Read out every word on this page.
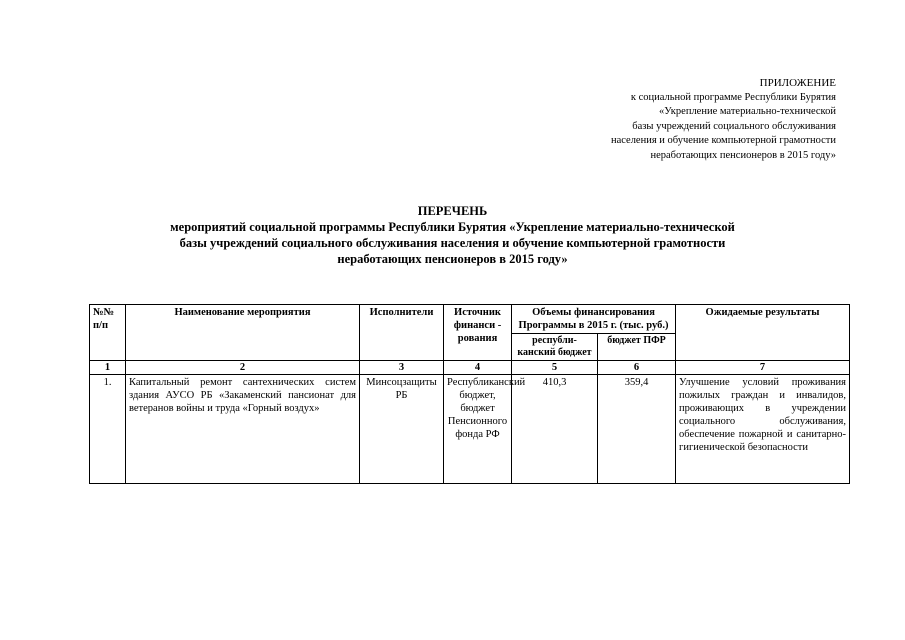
ПРИЛОЖЕНИЕ
к социальной программе Республики Бурятия
«Укрепление материально-технической
базы учреждений социального обслуживания
населения и обучение компьютерной грамотности
неработающих пенсионеров в 2015 году»
ПЕРЕЧЕНЬ
мероприятий социальной программы Республики Бурятия «Укрепление материально-технической
базы учреждений социального обслуживания населения и обучение компьютерной грамотности
неработающих пенсионеров в 2015 году»
№№ п/п	Наименование мероприятия	Исполнители	Источник финанси - рования	Объемы финансирования Программы в 2015 г. (тыс. руб.)		Ожидаемые результаты
				республи-канский бюджет	бюджет ПФР	
1	2	3	4	5	6	7
1.	Капитальный ремонт сантехнических систем здания АУСО РБ «Закаменский пансионат для ветеранов войны и труда «Горный воздух»	Минсоцзащиты РБ	Республиканский бюджет, бюджет Пенсионного фонда РФ	410,3	359,4	Улучшение условий проживания пожилых граждан и инвалидов, проживающих в учреждении социального обслуживания, обеспечение пожарной и санитарно-гигиенической безопасности
